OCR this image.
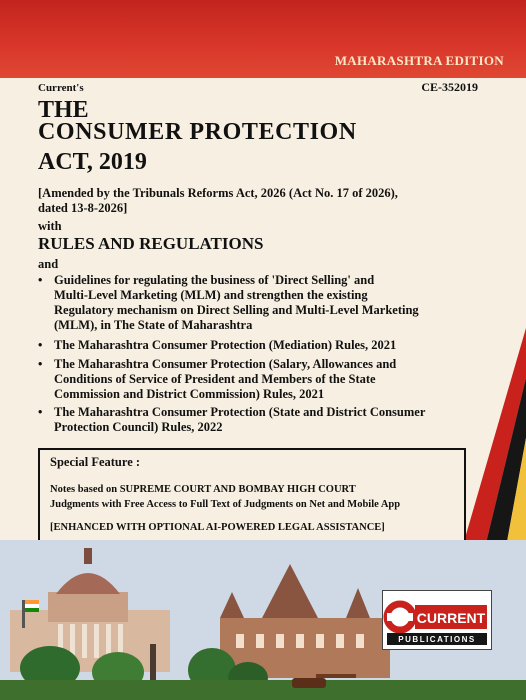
MAHARASHTRA EDITION
Current's	CE-352019
THE
CONSUMER PROTECTION
ACT, 2019
[Amended by the Tribunals Reforms Act, 2026 (Act No. 17 of 2026),
dated 13-8-2026]
with
RULES AND REGULATIONS
and
• Guidelines for regulating the business of 'Direct Selling' and
Multi-Level Marketing (MLM) and strengthen the existing
Regulatory mechanism on Direct Selling and Multi-Level Marketing
(MLM), in The State of Maharashtra
• The Maharashtra Consumer Protection (Mediation) Rules, 2021
• The Maharashtra Consumer Protection (Salary, Allowances and
Conditions of Service of President and Members of the State
Commission and District Commission) Rules, 2021
• The Maharashtra Consumer Protection (State and District Consumer
Protection Council) Rules, 2022
Special Feature :
Notes based on SUPREME COURT AND BOMBAY HIGH COURT
Judgments with Free Access to Full Text of Judgments on Net and Mobile App
[ENHANCED WITH OPTIONAL AI-POWERED LEGAL ASSISTANCE]
CURRENT
PUBLICATIONS
